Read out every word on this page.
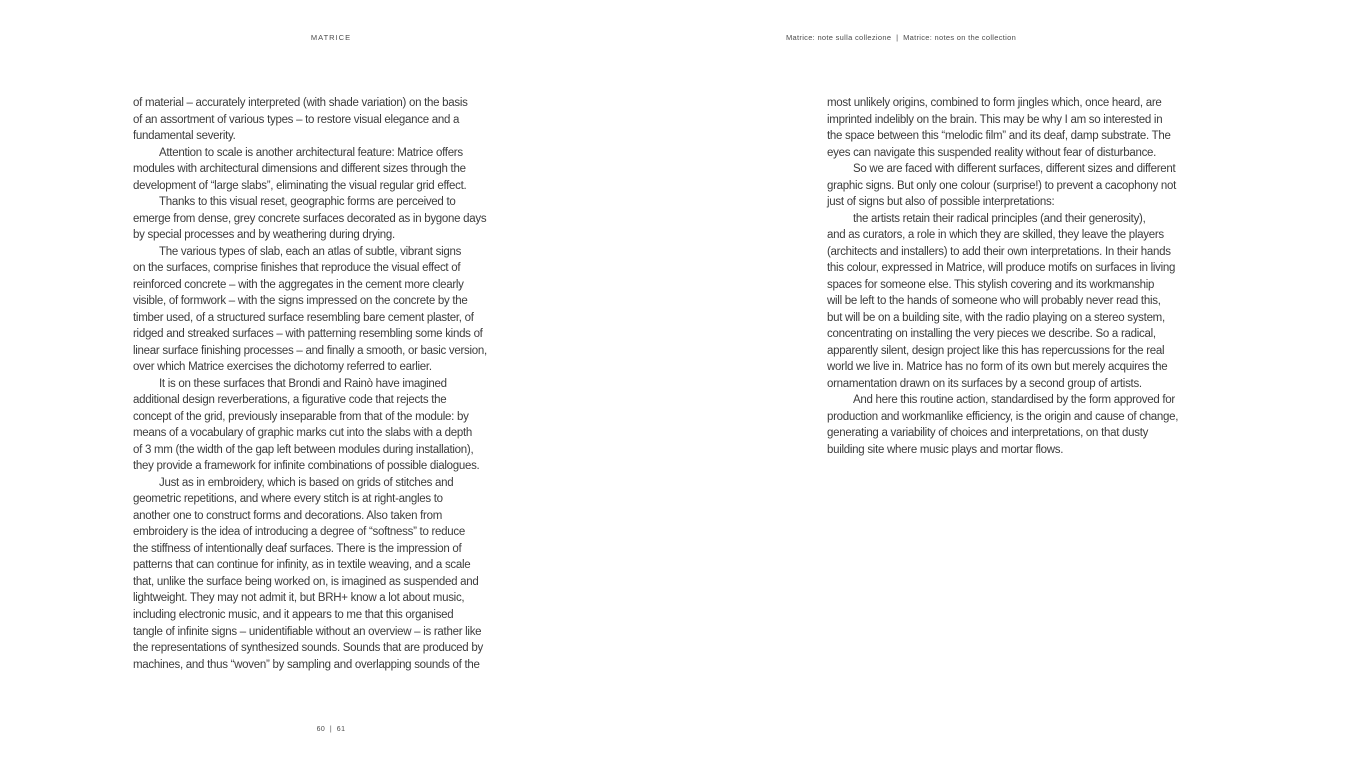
MATRICE	Matrice: note sulla collezione  |  Matrice: notes on the collection
of material – accurately interpreted (with shade variation) on the basis
of an assortment of various types – to restore visual elegance and a
fundamental severity.
Attention to scale is another architectural feature: Matrice offers
modules with architectural dimensions and different sizes through the
development of “large slabs”, eliminating the visual regular grid effect.
Thanks to this visual reset, geographic forms are perceived to
emerge from dense, grey concrete surfaces decorated as in bygone days
by special processes and by weathering during drying.
The various types of slab, each an atlas of subtle, vibrant signs
on the surfaces, comprise finishes that reproduce the visual effect of
reinforced concrete – with the aggregates in the cement more clearly
visible, of formwork – with the signs impressed on the concrete by the
timber used, of a structured surface resembling bare cement plaster, of
ridged and streaked surfaces – with patterning resembling some kinds of
linear surface finishing processes – and finally a smooth, or basic version,
over which Matrice exercises the dichotomy referred to earlier.
It is on these surfaces that Brondi and Rainò have imagined
additional design reverberations, a figurative code that rejects the
concept of the grid, previously inseparable from that of the module: by
means of a vocabulary of graphic marks cut into the slabs with a depth
of 3 mm (the width of the gap left between modules during installation),
they provide a framework for infinite combinations of possible dialogues.
Just as in embroidery, which is based on grids of stitches and
geometric repetitions, and where every stitch is at right-angles to
another one to construct forms and decorations. Also taken from
embroidery is the idea of introducing a degree of “softness” to reduce
the stiffness of intentionally deaf surfaces. There is the impression of
patterns that can continue for infinity, as in textile weaving, and a scale
that, unlike the surface being worked on, is imagined as suspended and
lightweight. They may not admit it, but BRH+ know a lot about music,
including electronic music, and it appears to me that this organised
tangle of infinite signs – unidentifiable without an overview – is rather like
the representations of synthesized sounds. Sounds that are produced by
machines, and thus “woven” by sampling and overlapping sounds of the
most unlikely origins, combined to form jingles which, once heard, are
imprinted indelibly on the brain. This may be why I am so interested in
the space between this “melodic film” and its deaf, damp substrate. The
eyes can navigate this suspended reality without fear of disturbance.
So we are faced with different surfaces, different sizes and different
graphic signs. But only one colour (surprise!) to prevent a cacophony not
just of signs but also of possible interpretations:
the artists retain their radical principles (and their generosity),
and as curators, a role in which they are skilled, they leave the players
(architects and installers) to add their own interpretations. In their hands
this colour, expressed in Matrice, will produce motifs on surfaces in living
spaces for someone else. This stylish covering and its workmanship
will be left to the hands of someone who will probably never read this,
but will be on a building site, with the radio playing on a stereo system,
concentrating on installing the very pieces we describe. So a radical,
apparently silent, design project like this has repercussions for the real
world we live in. Matrice has no form of its own but merely acquires the
ornamentation drawn on its surfaces by a second group of artists.
And here this routine action, standardised by the form approved for
production and workmanlike efficiency, is the origin and cause of change,
generating a variability of choices and interpretations, on that dusty
building site where music plays and mortar flows.
60  |  61
